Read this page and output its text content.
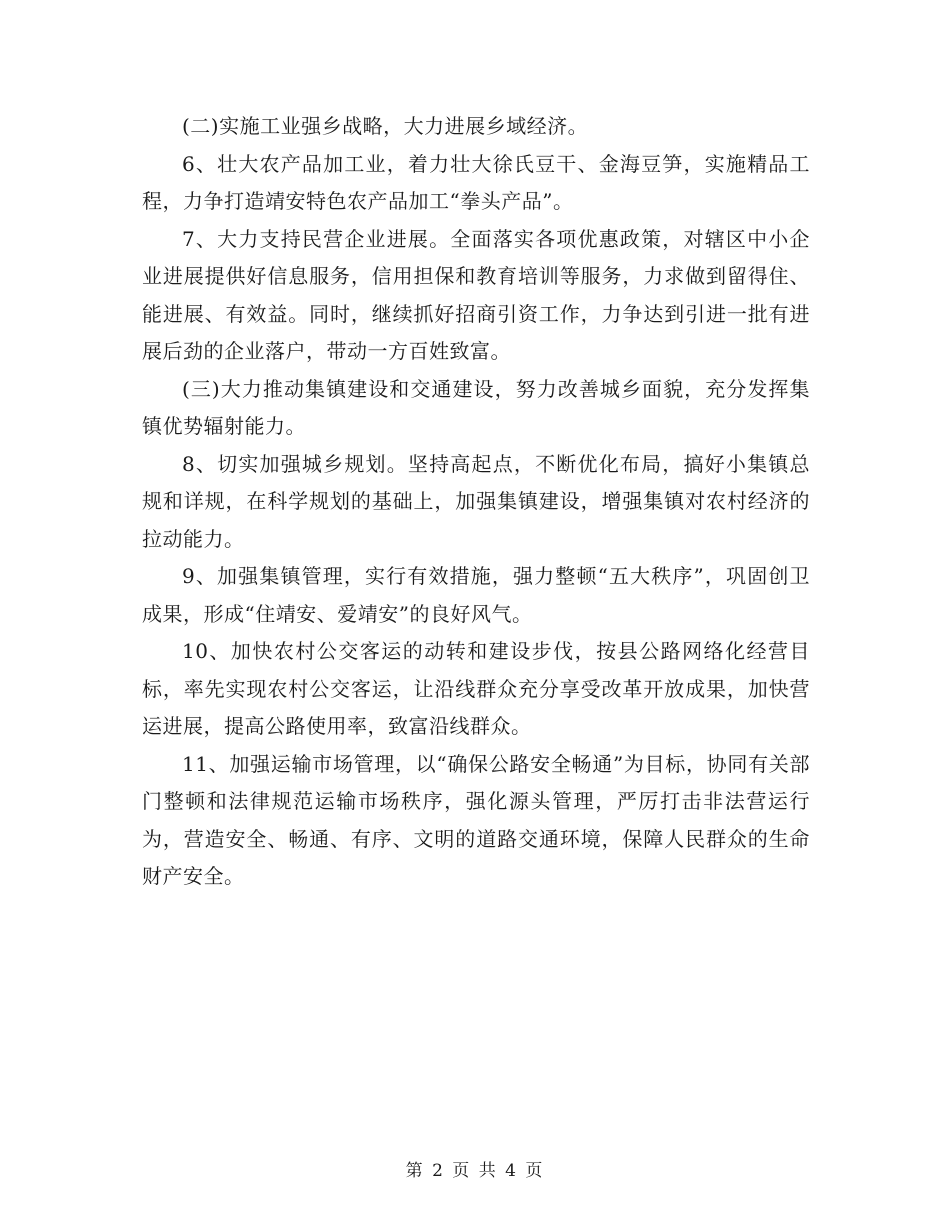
(二)实施工业强乡战略，大力进展乡域经济。

6、壮大农产品加工业，着力壮大徐氏豆干、金海豆笋，实施精品工程，力争打造靖安特色农产品加工“拳头产品”。

7、大力支持民营企业进展。全面落实各项优惠政策，对辖区中小企业进展提供好信息服务，信用担保和教育培训等服务，力求做到留得住、能进展、有效益。同时，继续抓好招商引资工作，力争达到引进一批有进展后劲的企业落户，带动一方百姓致富。

(三)大力推动集镇建设和交通建设，努力改善城乡面貌，充分发挥集镇优势辐射能力。

8、切实加强城乡规划。坚持高起点，不断优化布局，搞好小集镇总规和详规，在科学规划的基础上，加强集镇建设，增强集镇对农村经济的拉动能力。

9、加强集镇管理，实行有效措施，强力整顿“五大秩序”，巩固创卫成果，形成“住靖安、爱靖安”的良好风气。

10、加快农村公交客运的动转和建设步伐，按县公路网络化经营目标，率先实现农村公交客运，让沿线群众充分享受改革开放成果，加快营运进展，提高公路使用率，致富沿线群众。

11、加强运输市场管理，以“确保公路安全畅通”为目标，协同有关部门整顿和法律规范运输市场秩序，强化源头管理，严厉打击非法营运行为，营造安全、畅通、有序、文明的道路交通环境，保障人民群众的生命财产安全。

第 2 页 共 4 页
